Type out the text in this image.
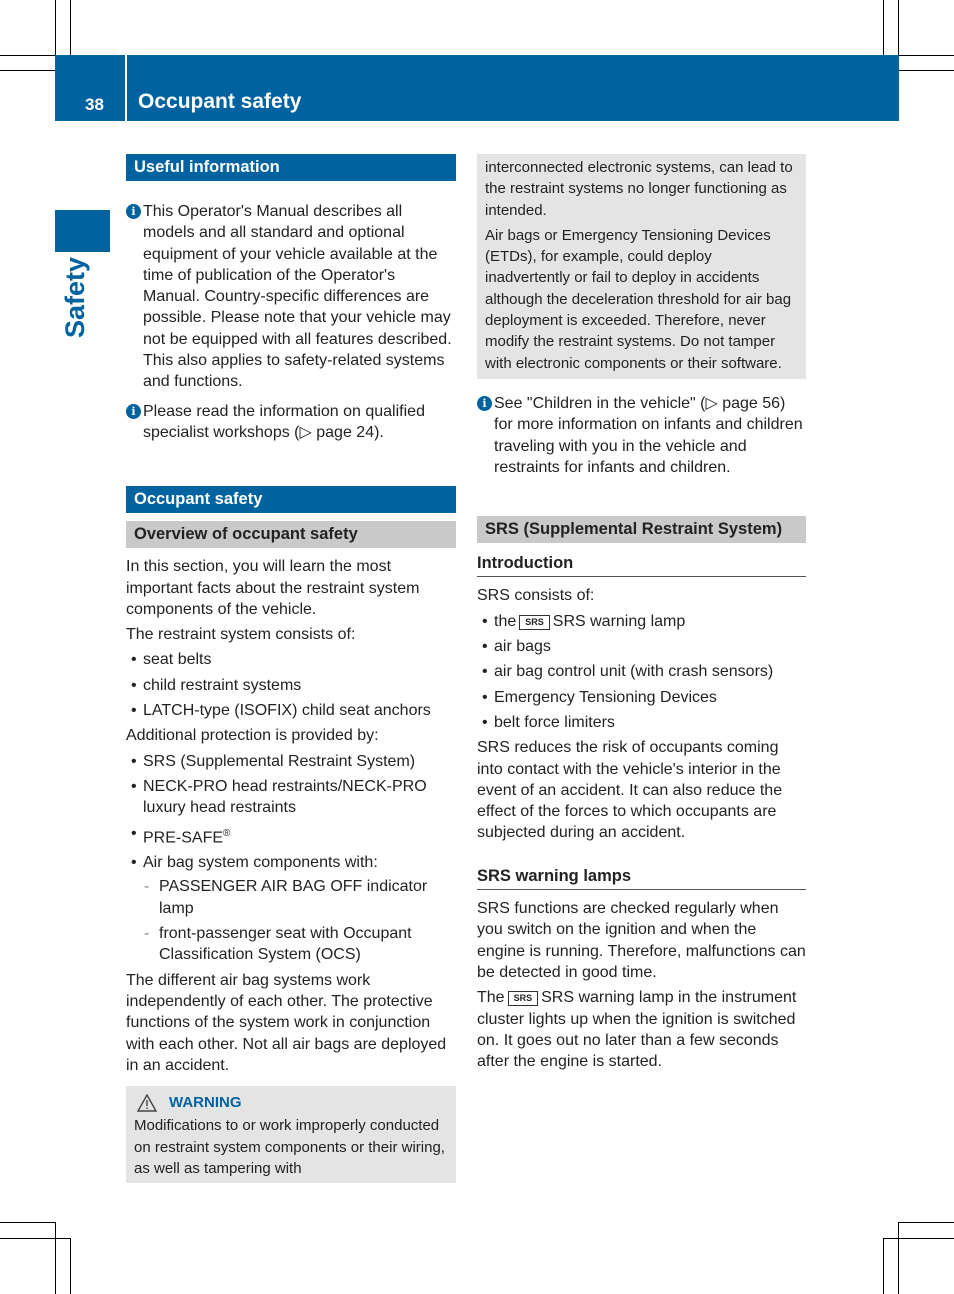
38 Occupant safety
Safety
Useful information
i This Operator's Manual describes all models and all standard and optional equipment of your vehicle available at the time of publication of the Operator's Manual. Country-specific differences are possible. Please note that your vehicle may not be equipped with all features described. This also applies to safety-related systems and functions.
i Please read the information on qualified specialist workshops (▷ page 24).
Occupant safety
Overview of occupant safety

In this section, you will learn the most important facts about the restraint system components of the vehicle.

The restraint system consists of:

• seat belts
• child restraint systems
• LATCH-type (ISOFIX) child seat anchors

Additional protection is provided by:

• SRS (Supplemental Restraint System)
• NECK-PRO head restraints/NECK-PRO luxury head restraints
• PRE-SAFE®
• Air bag system components with:
- PASSENGER AIR BAG OFF indicator lamp
- front-passenger seat with Occupant Classification System (OCS)

The different air bag systems work independently of each other. The protective functions of the system work in conjunction with each other. Not all air bags are deployed in an accident.

WARNING
Modifications to or work improperly conducted on restraint system components or their wiring, as well as tampering with

interconnected electronic systems, can lead to the restraint systems no longer functioning as intended.

Air bags or Emergency Tensioning Devices (ETDs), for example, could deploy inadvertently or fail to deploy in accidents although the deceleration threshold for air bag deployment is exceeded. Therefore, never modify the restraint systems. Do not tamper with electronic components or their software.

i See "Children in the vehicle" (▷ page 56) for more information on infants and children traveling with you in the vehicle and restraints for infants and children.
SRS (Supplemental Restraint System)
Introduction

SRS consists of:

• the SRS SRS warning lamp
• air bags
• air bag control unit (with crash sensors)
• Emergency Tensioning Devices
• belt force limiters

SRS reduces the risk of occupants coming into contact with the vehicle's interior in the event of an accident. It can also reduce the effect of the forces to which occupants are subjected during an accident.

SRS warning lamps

SRS functions are checked regularly when you switch on the ignition and when the engine is running. Therefore, malfunctions can be detected in good time.

The SRS SRS warning lamp in the instrument cluster lights up when the ignition is switched on. It goes out no later than a few seconds after the engine is started.
